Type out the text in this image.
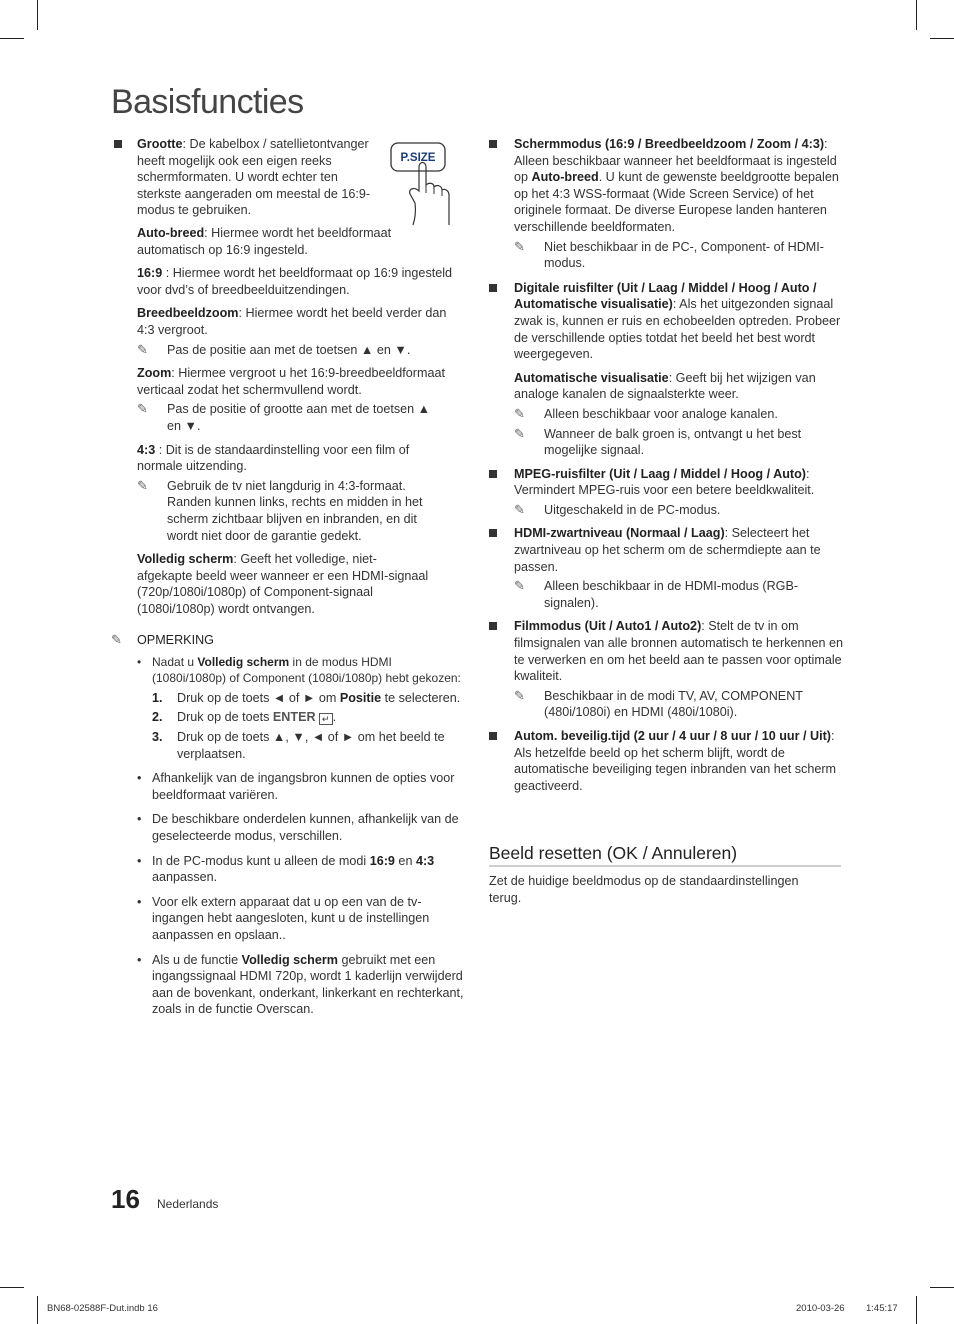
Basisfuncties
P.SIZE

Grootte: De kabelbox / satellietontvanger heeft mogelijk ook een eigen reeks schermformaten. U wordt echter ten sterkste aangeraden om meestal de 16:9-modus te gebruiken.

Auto-breed: Hiermee wordt het beeldformaat automatisch op 16:9 ingesteld.

16:9 : Hiermee wordt het beeldformaat op 16:9 ingesteld voor dvd’s of breedbeelduitzendingen.

Breedbeeldzoom: Hiermee wordt het beeld verder dan 4:3 vergroot.

✎ Pas de positie aan met de toetsen ▲ en ▼.

Zoom: Hiermee vergroot u het 16:9-breedbeeldformaat verticaal zodat het schermvullend wordt.

✎ Pas de positie of grootte aan met de toetsen ▲ en ▼.

4:3 : Dit is de standaardinstelling voor een film of normale uitzending.

✎ Gebruik de tv niet langdurig in 4:3-formaat. Randen kunnen links, rechts en midden in het scherm zichtbaar blijven en inbranden, en dit wordt niet door de garantie gedekt.

Volledig scherm: Geeft het volledige, niet-afgekapte beeld weer wanneer er een HDMI-signaal (720p/1080i/1080p) of Component-signaal (1080i/1080p) wordt ontvangen.

✎ OPMERKING
• Nadat u Volledig scherm in de modus HDMI (1080i/1080p) of Component (1080i/1080p) hebt gekozen:
1. Druk op de toets ◄ of ► om Positie te selecteren.
2. Druk op de toets ENTER ↵ .
3. Druk op de toets ▲, ▼, ◄ of ► om het beeld te verplaatsen.
• Afhankelijk van de ingangsbron kunnen de opties voor beeldformaat variëren.
• De beschikbare onderdelen kunnen, afhankelijk van de geselecteerde modus, verschillen.
• In de PC-modus kunt u alleen de modi 16:9 en 4:3 aanpassen.
• Voor elk extern apparaat dat u op een van de tv-ingangen hebt aangesloten, kunt u de instellingen aanpassen en opslaan..
• Als u de functie Volledig scherm gebruikt met een ingangssignaal HDMI 720p, wordt 1 kaderlijn verwijderd aan de bovenkant, onderkant, linkerkant en rechterkant, zoals in de functie Overscan.

Schermmodus (16:9 / Breedbeeldzoom / Zoom / 4:3): Alleen beschikbaar wanneer het beeldformaat is ingesteld op Auto-breed. U kunt de gewenste beeldgrootte bepalen op het 4:3 WSS-formaat (Wide Screen Service) of het originele formaat. De diverse Europese landen hanteren verschillende beeldformaten.

✎ Niet beschikbaar in de PC-, Component- of HDMI-modus.

Digitale ruisfilter (Uit / Laag / Middel / Hoog / Auto / Automatische visualisatie): Als het uitgezonden signaal zwak is, kunnen er ruis en echobeelden optreden. Probeer de verschillende opties totdat het beeld het best wordt weergegeven.

Automatische visualisatie: Geeft bij het wijzigen van analoge kanalen de signaalsterkte weer.

✎ Alleen beschikbaar voor analoge kanalen.
✎ Wanneer de balk groen is, ontvangt u het best mogelijke signaal.

MPEG-ruisfilter (Uit / Laag / Middel / Hoog / Auto): Vermindert MPEG-ruis voor een betere beeldkwaliteit.

✎ Uitgeschakeld in de PC-modus.

HDMI-zwartniveau (Normaal / Laag): Selecteert het zwartniveau op het scherm om de schermdiepte aan te passen.

✎ Alleen beschikbaar in de HDMI-modus (RGB-signalen).

Filmmodus (Uit / Auto1 / Auto2): Stelt de tv in om filmsignalen van alle bronnen automatisch te herkennen en te verwerken en om het beeld aan te passen voor optimale kwaliteit.

✎ Beschikbaar in de modi TV, AV, COMPONENT (480i/1080i) en HDMI (480i/1080i).

Autom. beveilig.tijd (2 uur / 4 uur / 8 uur / 10 uur / Uit): Als hetzelfde beeld op het scherm blijft, wordt de automatische beveiliging tegen inbranden van het scherm geactiveerd.

Beeld resetten (OK / Annuleren)
Zet de huidige beeldmodus op de standaardinstellingen terug.
16 Nederlands
BN68-02588F-Dut.indb 16	2010-03-26
1:45:17
